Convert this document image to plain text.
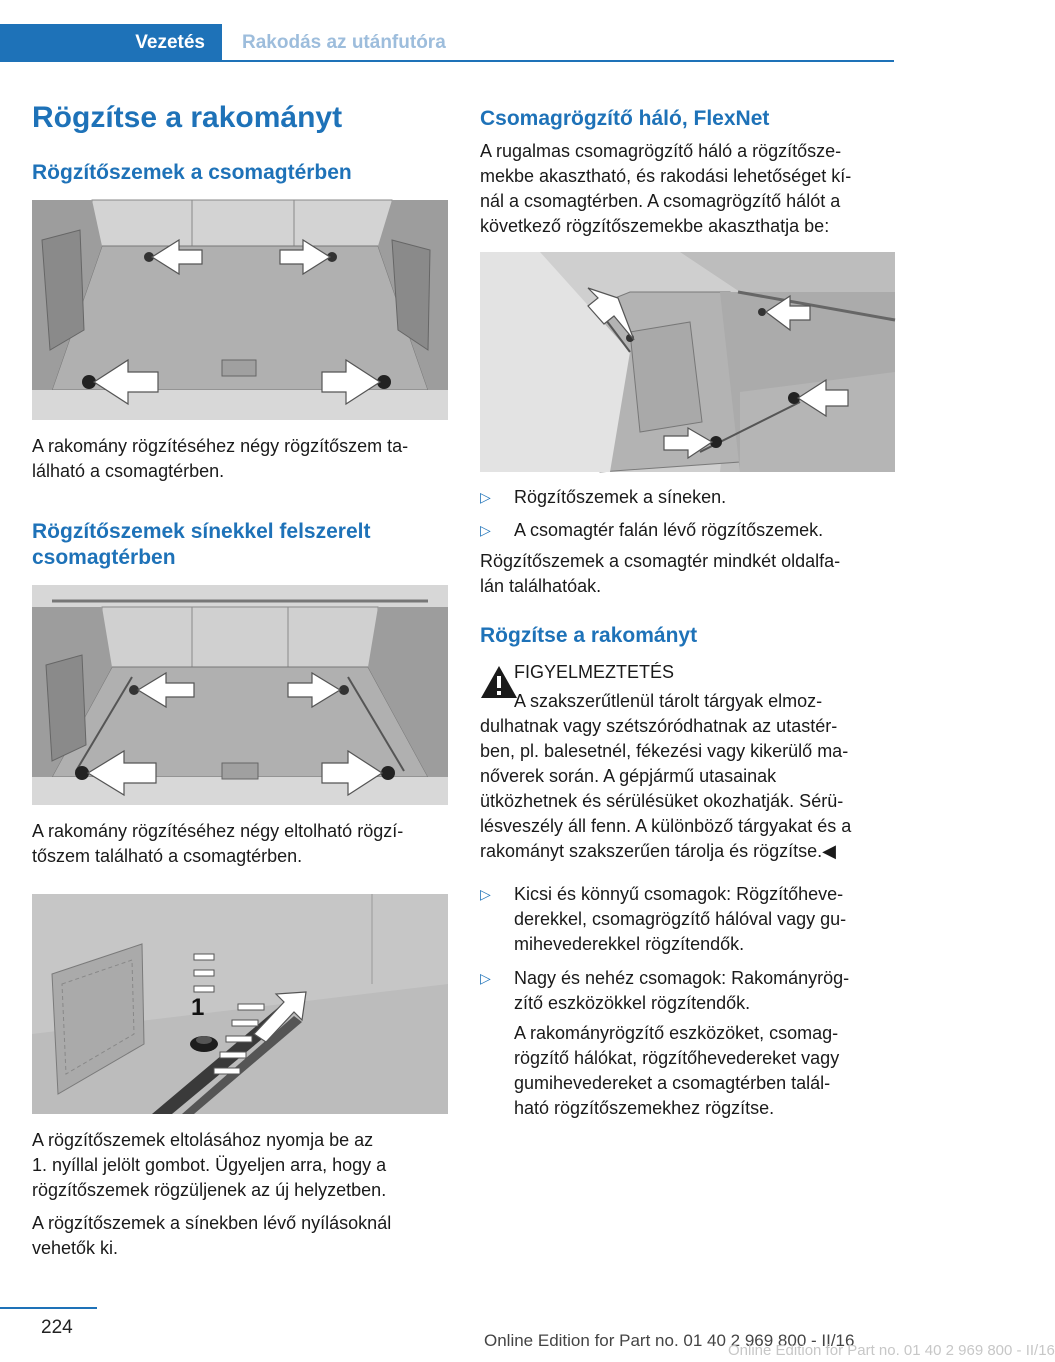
Vezetés Rakodás az utánfutóra
Rögzítse a rakományt
Rögzítőszemek a csomagtérben
A rakomány rögzítéséhez négy rögzítőszem ta-
lálható a csomagtérben.
Rögzítőszemek sínekkel felszerelt
csomagtérben
A rakomány rögzítéséhez négy eltolható rögzí-
tőszem található a csomagtérben.
1
A rögzítőszemek eltolásához nyomja be az
1. nyíllal jelölt gombot. Ügyeljen arra, hogy a
rögzítőszemek rögzüljenek az új helyzetben.
A rögzítőszemek a sínekben lévő nyílásoknál
vehetők ki.
Csomagrögzítő háló, FlexNet
A rugalmas csomagrögzítő háló a rögzítősze-
mekbe akasztható, és rakodási lehetőséget kí-
nál a csomagtérben. A csomagrögzítő hálót a
következő rögzítőszemekbe akaszthatja be:
▷	Rögzítőszemek a síneken.
▷	A csomagtér falán lévő rögzítőszemek.
Rögzítőszemek a csomagtér mindkét oldalfa-
lán találhatóak.
Rögzítse a rakományt
FIGYELMEZTETÉS
A szakszerűtlenül tárolt tárgyak elmoz-
dulhatnak vagy szétszóródhatnak az utastér-
ben, pl. balesetnél, fékezési vagy kikerülő ma-
nőverek során. A gépjármű utasainak
ütközhetnek és sérülésüket okozhatják. Sérü-
lésveszély áll fenn. A különböző tárgyakat és a
rakományt szakszerűen tárolja és rögzítse.◀
▷	Kicsi és könnyű csomagok: Rögzítőheve-
derekkel, csomagrögzítő hálóval vagy gu-
mihevederekkel rögzítendők.
▷	Nagy és nehéz csomagok: Rakományrög-
zítő eszközökkel rögzítendők.
A rakományrögzítő eszközöket, csomag-
rögzítő hálókat, rögzítőhevedereket vagy
gumihevedereket a csomagtérben talál-
ható rögzítőszemekhez rögzítse.
224
Online Edition for Part no. 01 40 2 969 800 - II/16
Online Edition for Part no. 01 40 2 969 800 - II/16
